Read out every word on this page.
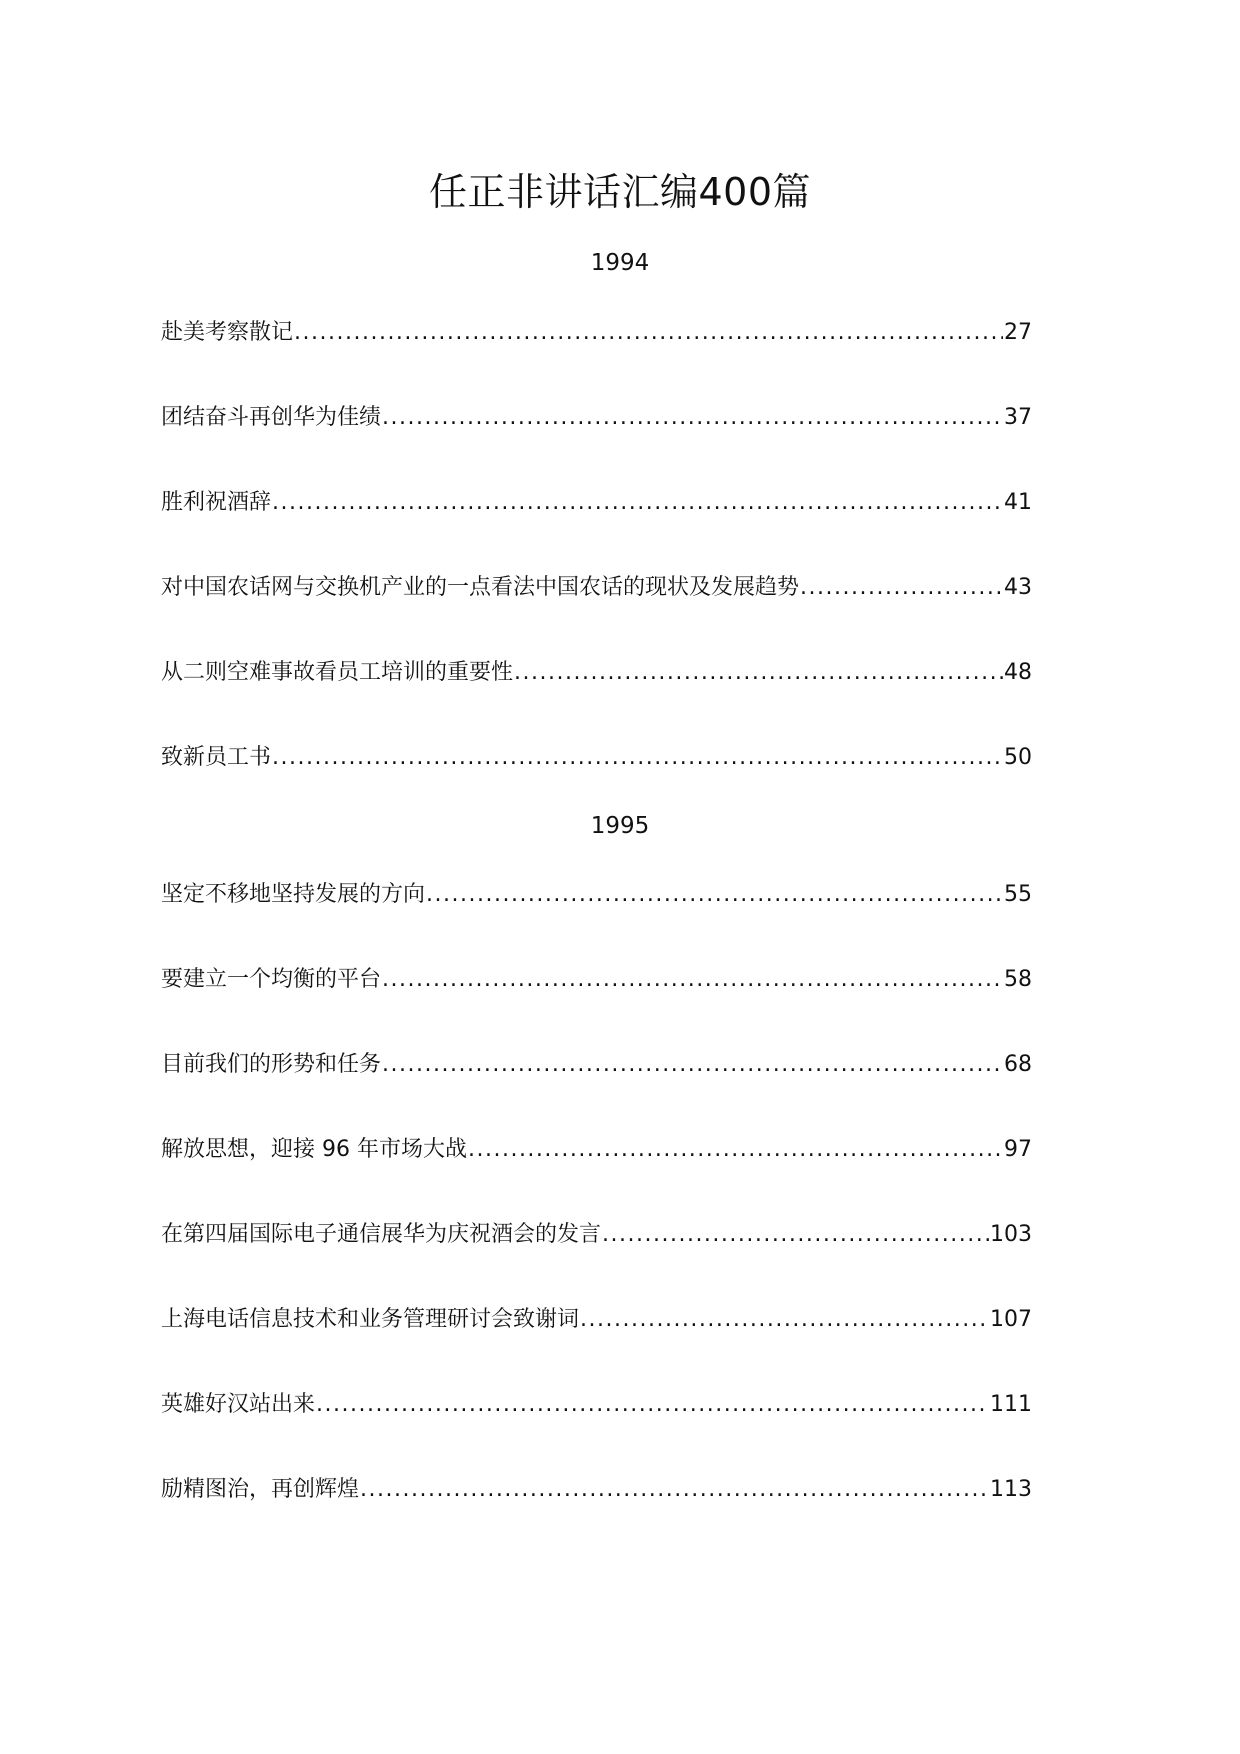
任正非讲话汇编400篇
1994
赴美考察散记 .....	27
团结奋斗再创华为佳绩 .....	37
胜利祝酒辞 .....	41
对中国农话网与交换机产业的一点看法中国农话的现状及发展趋势 .....	43
从二则空难事故看员工培训的重要性 .....	48
致新员工书 .....	50
1995
坚定不移地坚持发展的方向 .....	55
要建立一个均衡的平台 .....	58
目前我们的形势和任务 .....	68
解放思想，迎接 96 年市场大战 .....	97
在第四届国际电子通信展华为庆祝酒会的发言 .....	103
上海电话信息技术和业务管理研讨会致谢词 .....	107
英雄好汉站出来 .....	111
励精图治，再创辉煌 .....	113
